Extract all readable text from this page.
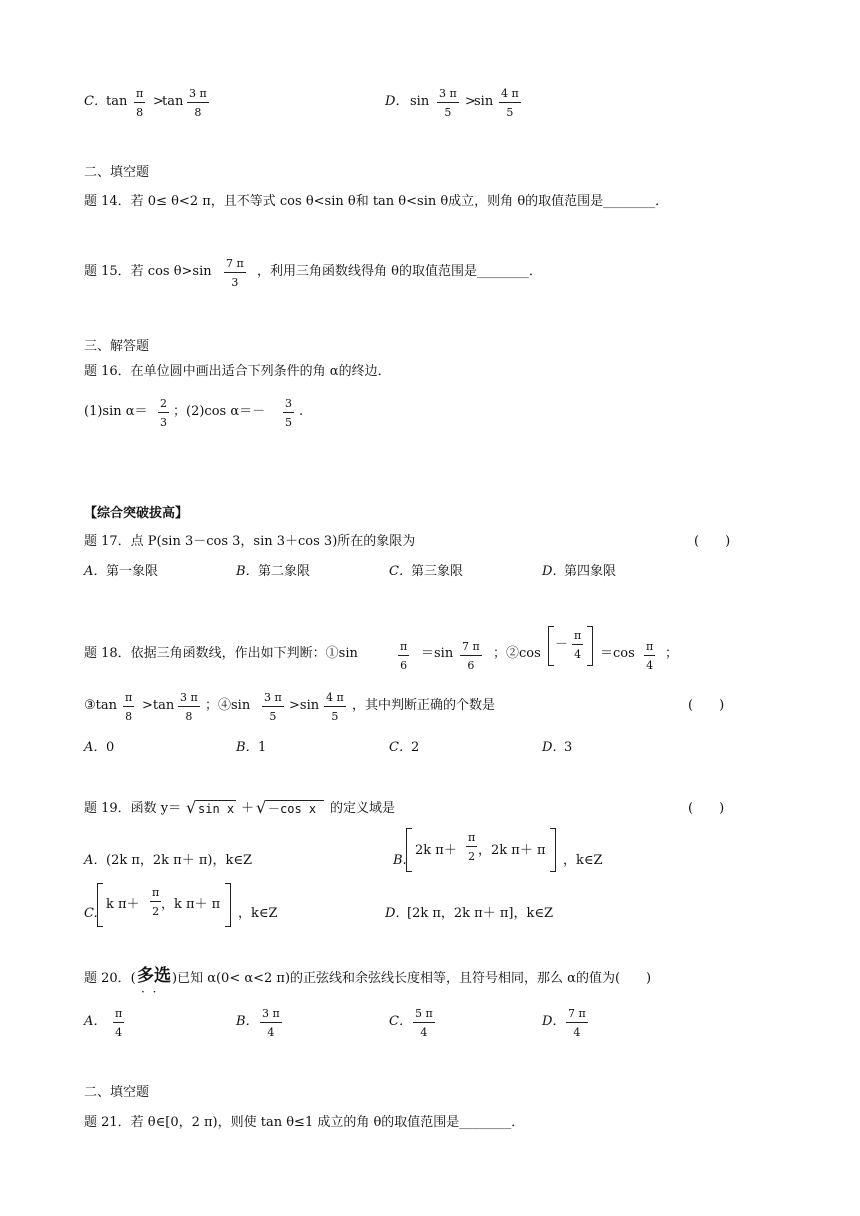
C． $\tan \frac{\pi}{8}$ >
$\tan \frac{3 \pi}{8}$	D． $\sin \frac{3 \pi}{5}$ >
$\sin \frac{4 \pi}{5}$
二、填空题
题 14．若 0≤ θ<2 π，且不等式 cos θ<sin θ和 tan θ<sin θ成立，则角 θ的取值范围是________．
题 15．若 $\cos \theta>\sin \frac{7 \pi}{3}$ ，利用三角函数线得角 θ的取值范围是________．
三、解答题
题 16．在单位圆中画出适合下列条件的角 α的终边．
(1)sin $\alpha= \frac{2}{3}$ ；(2)cos $\alpha=- \frac{3}{5}$ .
【综合突破拔高】
题 17．点 P(sin 3－cos 3，sin 3＋cos 3)所在的象限为	(　　)
A． 第一象限	B． 第二象限	C． 第三象限	D．
第四象限
题 18．依据三角函数线，作出如下判断：①sin	$\frac{\pi}{6} =\sin \frac{7 \pi}{6}$ ；②cos
－ $\frac{\pi}{4} =\cos \frac{\pi}{4}$ ；
③tan $\frac{\pi}{8} >\tan \frac{3 \pi}{8}$ ；④sin $\frac{3 \pi}{5} >\sin \frac{4 \pi}{5}$ ，其中判断正确的个数是	(　　)
A． 0	B． 1	C． 2	D．
3
题 19．函数 y＝ √ sin x ＋ √ －cos x 的定义域是	(　　)
A． (2k π，2k π＋ π)，k∈Z	B.
2k $\pi+ \frac{\pi}{2}$ ，2k π＋ π
，k∈Z
C.
k $\pi+ \frac{\pi}{2}$ ，k π＋ π
，k∈Z	D．
[2k π，2k π＋ π]，k∈Z
题 20．( 多选
· ·
)已知 α(0< α<2 π)的正弦线和余弦线长度相等，且符号相同，那么 α的值为(　　)
A． $\frac{\pi}{4}$	B． $\frac{3 \pi}{4}$	C． $\frac{5 \pi}{4}$	D． $\frac{7 \pi}{4}$
二、填空题
题 21．若 θ∈[0，2 π)，则使 tan θ≤1 成立的角 θ的取值范围是________．
